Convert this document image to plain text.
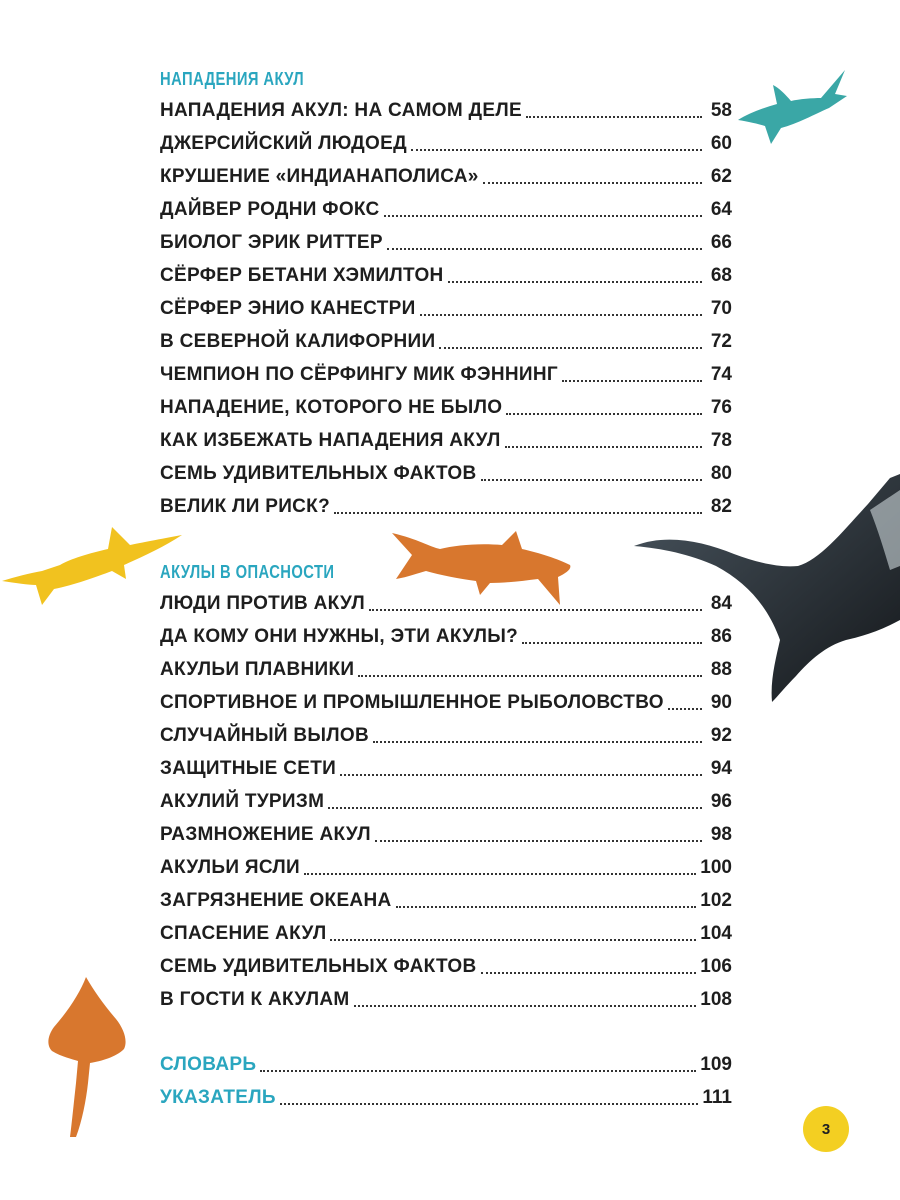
НАПАДЕНИЯ АКУЛ
НАПАДЕНИЯ АКУЛ: НА САМОМ ДЕЛЕ	58
ДЖЕРСИЙСКИЙ ЛЮДОЕД	60
КРУШЕНИЕ «ИНДИАНАПОЛИСА»	62
ДАЙВЕР РОДНИ ФОКС	64
БИОЛОГ ЭРИК РИТТЕР	66
СЁРФЕР БЕТАНИ ХЭМИЛТОН	68
СЁРФЕР ЭНИО КАНЕСТРИ	70
В СЕВЕРНОЙ КАЛИФОРНИИ	72
ЧЕМПИОН ПО СЁРФИНГУ МИК ФЭННИНГ	74
НАПАДЕНИЕ, КОТОРОГО НЕ БЫЛО	76
КАК ИЗБЕЖАТЬ НАПАДЕНИЯ АКУЛ	78
СЕМЬ УДИВИТЕЛЬНЫХ ФАКТОВ	80
ВЕЛИК ЛИ РИСК?	82
АКУЛЫ В ОПАСНОСТИ
ЛЮДИ ПРОТИВ АКУЛ	84
ДА КОМУ ОНИ НУЖНЫ, ЭТИ АКУЛЫ?	86
АКУЛЬИ ПЛАВНИКИ	88
СПОРТИВНОЕ И ПРОМЫШЛЕННОЕ РЫБОЛОВСТВО 90
СЛУЧАЙНЫЙ ВЫЛОВ	92
ЗАЩИТНЫЕ СЕТИ	94
АКУЛИЙ ТУРИЗМ	96
РАЗМНОЖЕНИЕ АКУЛ	98
АКУЛЬИ ЯСЛИ	100
ЗАГРЯЗНЕНИЕ ОКЕАНА	102
СПАСЕНИЕ АКУЛ	104
СЕМЬ УДИВИТЕЛЬНЫХ ФАКТОВ	106
В ГОСТИ К АКУЛАМ	108
СЛОВАРЬ	109
УКАЗАТЕЛЬ	111
3
